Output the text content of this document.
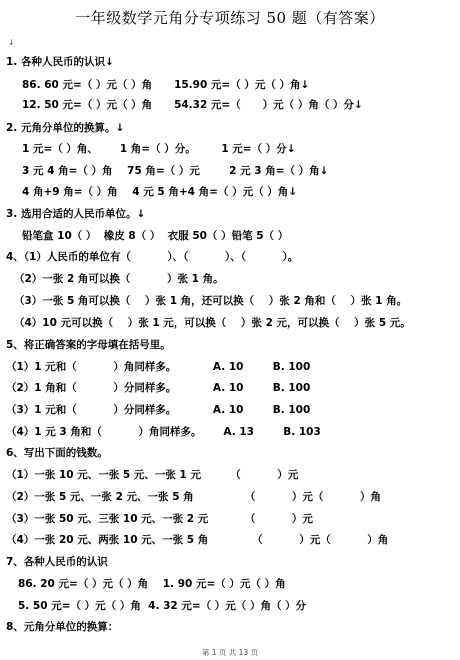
一年级数学元角分专项练习 50 题（有答案）
↓
1. 各种人民币的认识↓
86. 60 元=（ ）元（ ）角      15.90 元=（ ）元（ ）角↓
12. 50 元=（ ）元（ ）角      54.32 元=（      ）元（ ）角（ ）分↓
2. 元角分单位的换算。↓
1 元=（ ）角、      1 角=（ ）分。       1 元=（ ）分↓
3 元 4 角=（ ）角    75 角=（ ）元        2 元 3 角=（ ）角↓
4 角+9 角=（ ）角    4 元 5 角+4 角=（ ）元（ ）角↓
3. 选用合适的人民币单位。↓
铅笔盒 10（ ）  橡皮 8（ ）  衣服 50（ ）铅笔 5（ ）
4、（1）人民币的单位有（          ）、（          ）、（          ）。
（2）一张 2 角可以换（          ）张 1 角。
（3）一张 5 角可以换（    ）张 1 角，还可以换（    ）张 2 角和（    ）张 1 角。
（4）10 元可以换（    ）张 1 元，可以换（    ）张 2 元，可以换（    ）张 5 元。
5、将正确答案的字母填在括号里。
（1）1 元和（          ）角同样多。          A. 10        B. 100
（2）1 角和（          ）分同样多。          A. 10        B. 100
（3）1 元和（          ）分同样多。          A. 10        B. 100
（4）1 元 3 角和（          ）角同样多。      A. 13        B. 103
6、写出下面的钱数。
（1）一张 10 元、一张 5 元、一张 1 元        （          ）元
（2）一张 5 元、一张 2 元、一张 5 角              （          ）元（          ）角
（3）一张 50 元、三张 10 元、一张 2 元          （          ）元
（4）一张 20 元、两张 10 元、一张 5 角            （          ）元（          ）角
7、各种人民币的认识
86. 20 元=（ ）元（ ）角    1. 90 元=（ ）元（ ）角
5. 50 元=（ ）元（ ）角  4. 32 元=（ ）元（ ）角（ ）分
8、元角分单位的换算：
第 1 页 共 13 页
